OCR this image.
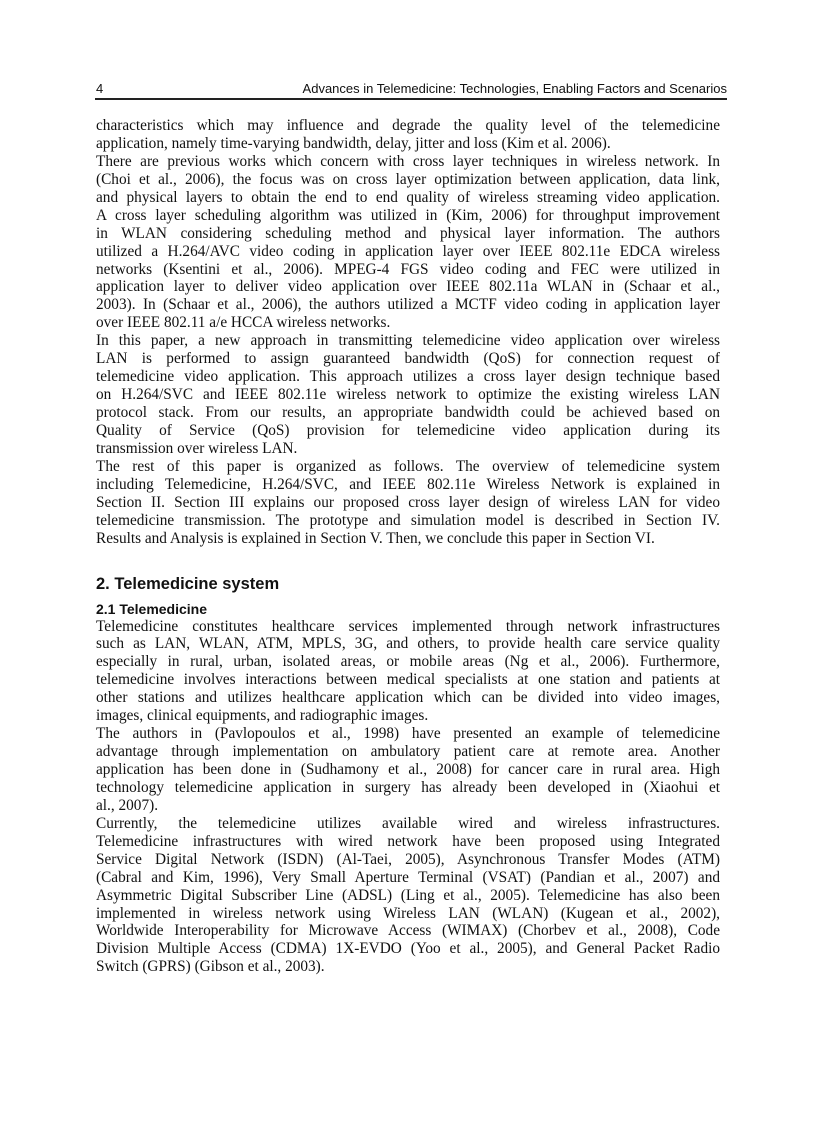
4	Advances in Telemedicine: Technologies, Enabling Factors and Scenarios
characteristics which may influence and degrade the quality level of the telemedicine
application, namely time-varying bandwidth, delay, jitter and loss (Kim et al. 2006).
There are previous works which concern with cross layer techniques in wireless network. In
(Choi et al., 2006), the focus was on cross layer optimization between application, data link,
and physical layers to obtain the end to end quality of wireless streaming video application.
A cross layer scheduling algorithm was utilized in (Kim, 2006) for throughput improvement
in WLAN considering scheduling method and physical layer information. The authors
utilized a H.264/AVC video coding in application layer over IEEE 802.11e EDCA wireless
networks (Ksentini et al., 2006). MPEG-4 FGS video coding and FEC were utilized in
application layer to deliver video application over IEEE 802.11a WLAN in (Schaar et al.,
2003). In (Schaar et al., 2006), the authors utilized a MCTF video coding in application layer
over IEEE 802.11 a/e HCCA wireless networks.
In this paper, a new approach in transmitting telemedicine video application over wireless
LAN is performed to assign guaranteed bandwidth (QoS) for connection request of
telemedicine video application. This approach utilizes a cross layer design technique based
on H.264/SVC and IEEE 802.11e wireless network to optimize the existing wireless LAN
protocol stack. From our results, an appropriate bandwidth could be achieved based on
Quality of Service (QoS) provision for telemedicine video application during its
transmission over wireless LAN.
The rest of this paper is organized as follows. The overview of telemedicine system
including Telemedicine, H.264/SVC, and IEEE 802.11e Wireless Network is explained in
Section II. Section III explains our proposed cross layer design of wireless LAN for video
telemedicine transmission. The prototype and simulation model is described in Section IV.
Results and Analysis is explained in Section V. Then, we conclude this paper in Section VI.
2. Telemedicine system
2.1 Telemedicine
Telemedicine constitutes healthcare services implemented through network infrastructures
such as LAN, WLAN, ATM, MPLS, 3G, and others, to provide health care service quality
especially in rural, urban, isolated areas, or mobile areas (Ng et al., 2006). Furthermore,
telemedicine involves interactions between medical specialists at one station and patients at
other stations and utilizes healthcare application which can be divided into video images,
images, clinical equipments, and radiographic images.
The authors in (Pavlopoulos et al., 1998) have presented an example of telemedicine
advantage through implementation on ambulatory patient care at remote area. Another
application has been done in (Sudhamony et al., 2008) for cancer care in rural area. High
technology telemedicine application in surgery has already been developed in (Xiaohui et
al., 2007).
Currently, the telemedicine utilizes available wired and wireless infrastructures.
Telemedicine infrastructures with wired network have been proposed using Integrated
Service Digital Network (ISDN) (Al-Taei, 2005), Asynchronous Transfer Modes (ATM)
(Cabral and Kim, 1996), Very Small Aperture Terminal (VSAT) (Pandian et al., 2007) and
Asymmetric Digital Subscriber Line (ADSL) (Ling et al., 2005). Telemedicine has also been
implemented in wireless network using Wireless LAN (WLAN) (Kugean et al., 2002),
Worldwide Interoperability for Microwave Access (WIMAX) (Chorbev et al., 2008), Code
Division Multiple Access (CDMA) 1X-EVDO (Yoo et al., 2005), and General Packet Radio
Switch (GPRS) (Gibson et al., 2003).
